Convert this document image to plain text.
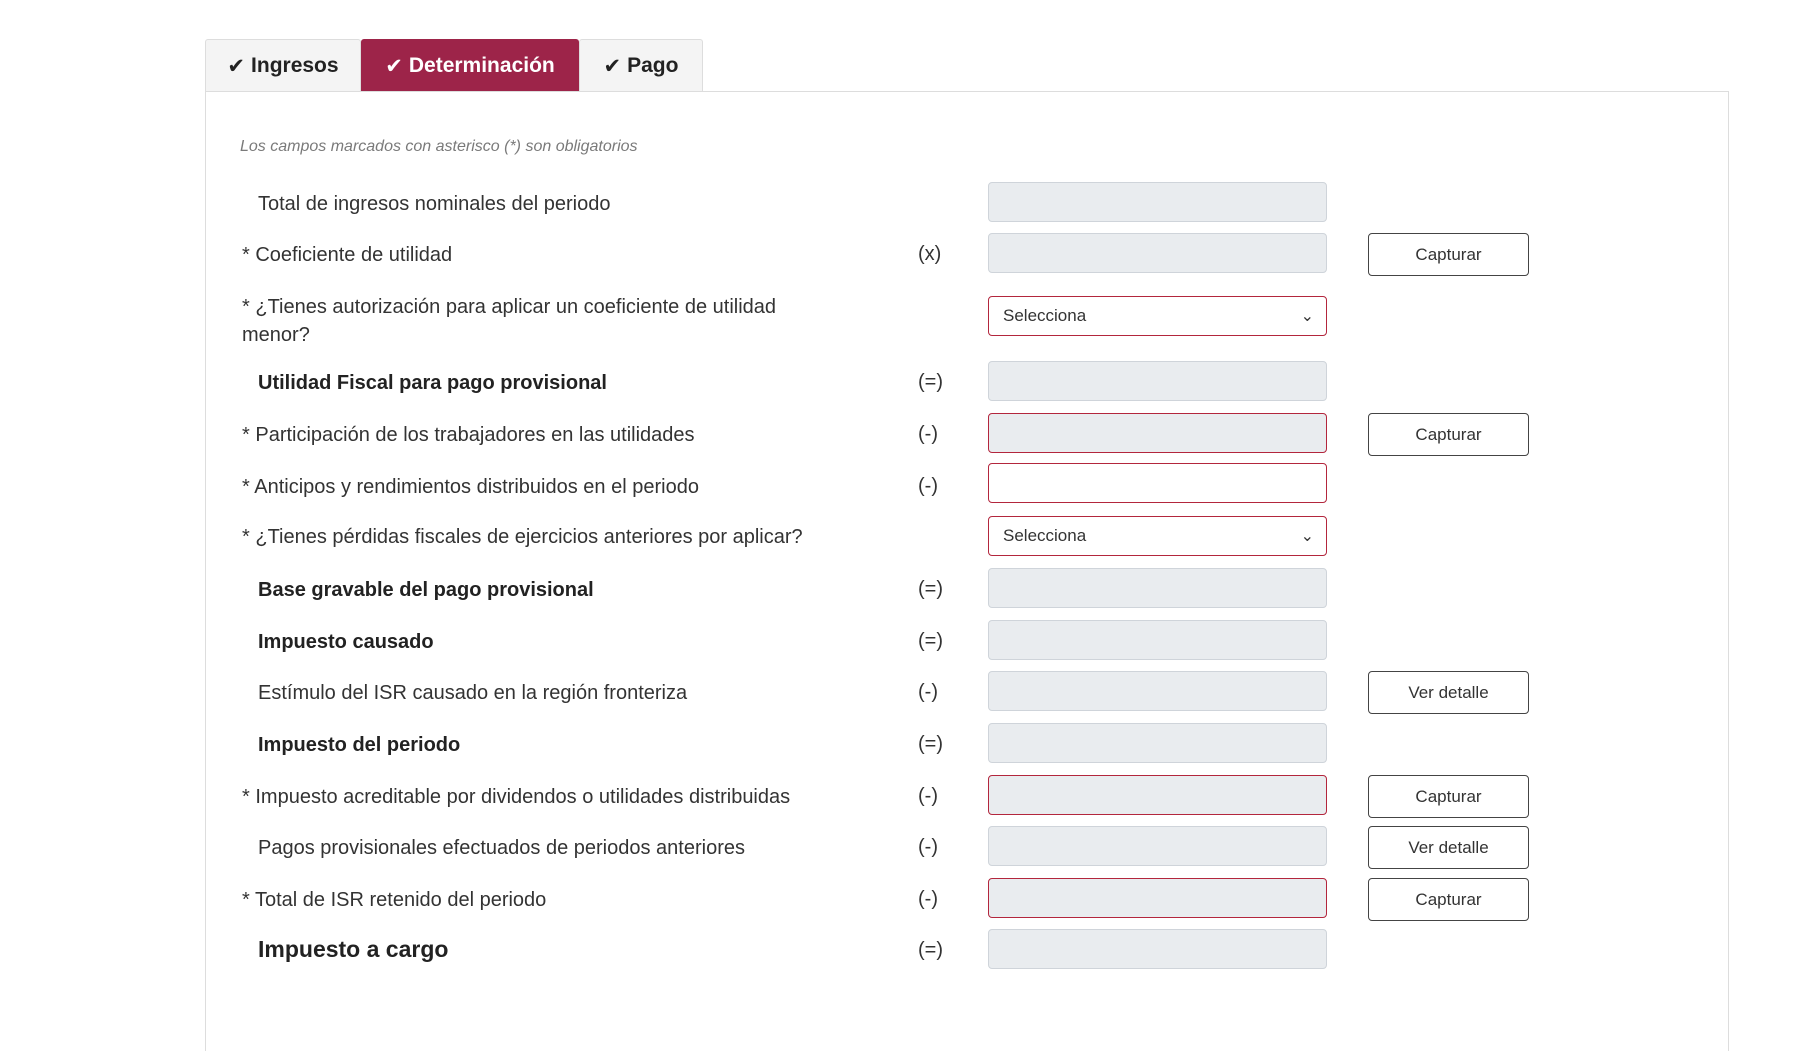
✔ Ingresos ✔ Determinación ✔ Pago
Los campos marcados con asterisco (*) son obligatorios
Total de ingresos nominales del periodo
* Coeficiente de utilidad	(x)	Capturar
* ¿Tienes autorización para aplicar un coeficiente de utilidad menor?
Selecciona	⌄
Utilidad Fiscal para pago provisional	(=)
* Participación de los trabajadores en las utilidades	(-)	Capturar
* Anticipos y rendimientos distribuidos en el periodo	(-)
* ¿Tienes pérdidas fiscales de ejercicios anteriores por aplicar?	Selecciona	⌄
Base gravable del pago provisional	(=)
Impuesto causado	(=)
Estímulo del ISR causado en la región fronteriza	(-)	Ver detalle
Impuesto del periodo	(=)
* Impuesto acreditable por dividendos o utilidades distribuidas	(-)	Capturar
Pagos provisionales efectuados de periodos anteriores	(-)	Ver detalle
* Total de ISR retenido del periodo	(-)	Capturar
Impuesto a cargo	(=)
